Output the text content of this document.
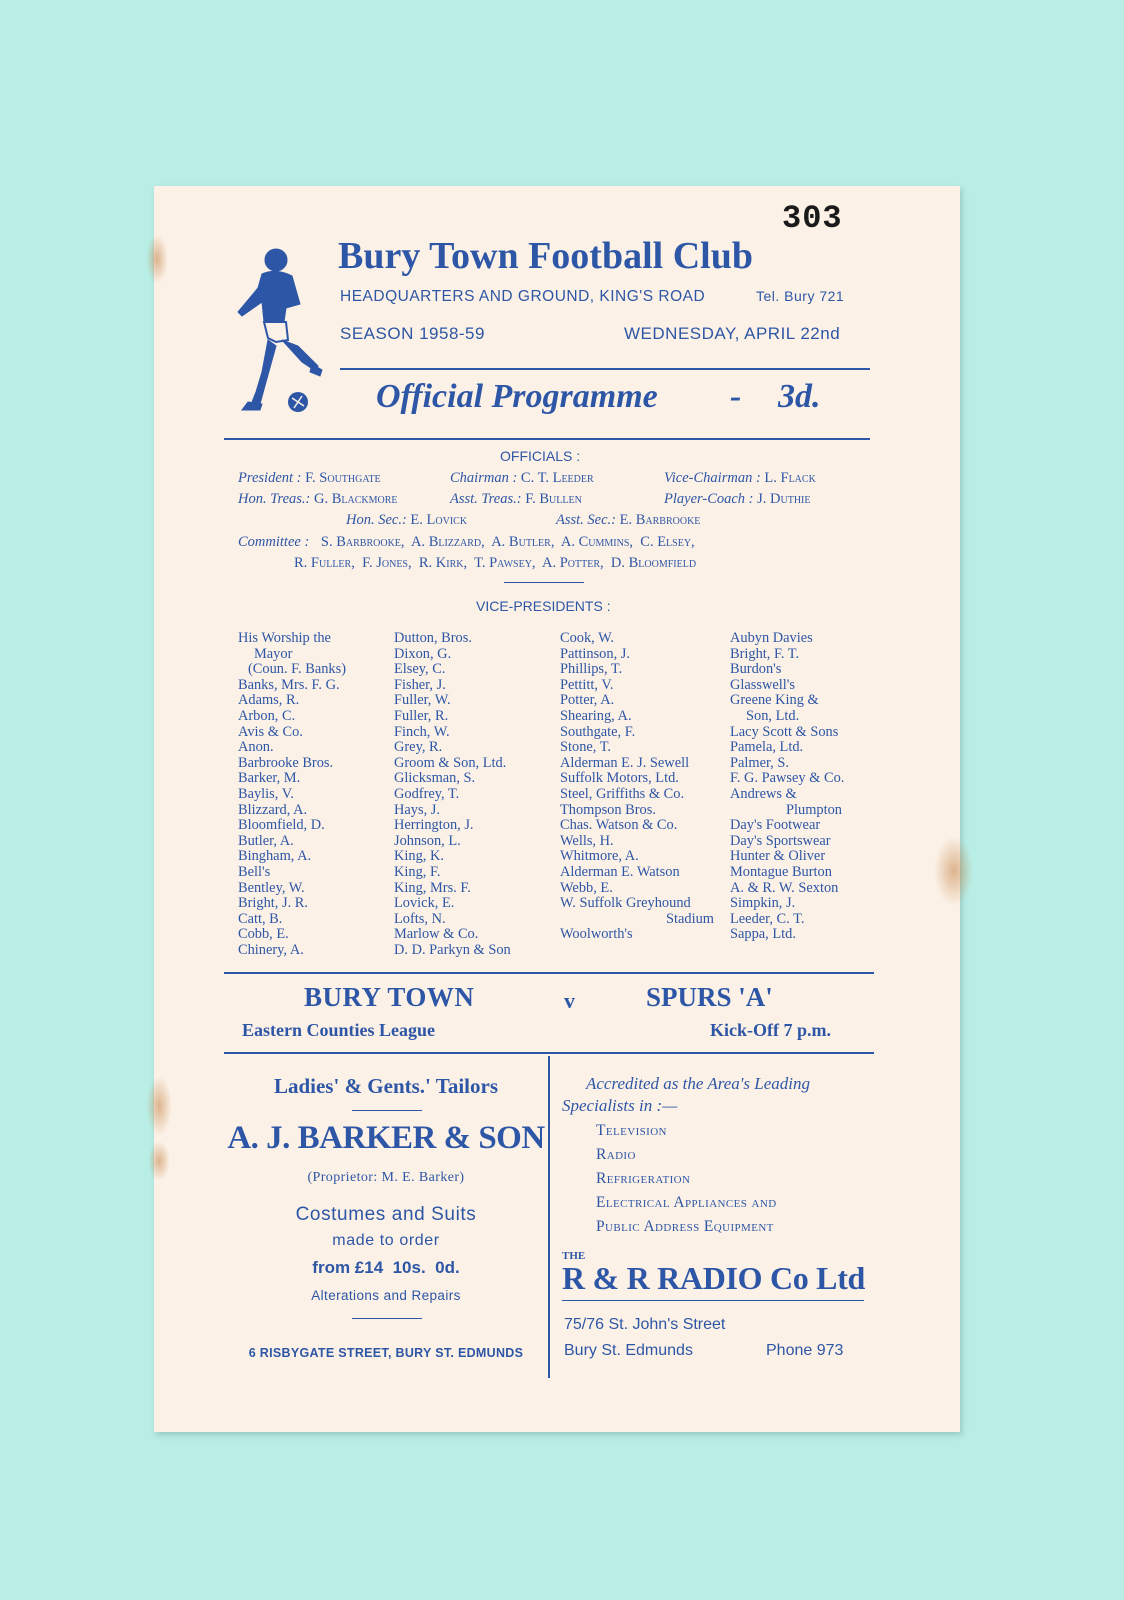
303
Bury Town Football Club
HEADQUARTERS AND GROUND, KING'S ROAD	Tel. Bury 721
SEASON 1958-59	WEDNESDAY, APRIL 22nd
Official Programme - 3d.
OFFICIALS :
President : F. Southgate	Chairman : C. T. Leeder	Vice-Chairman : L. Flack
Hon. Treas.: G. Blackmore	Asst. Treas.: F. Bullen	Player-Coach : J. Duthie
Hon. Sec.: E. Lovick	Asst. Sec.: E. Barbrooke
Committee : S. Barbrooke,  A. Blizzard,  A. Butler,  A. Cummins,  C. Elsey,
R. Fuller,  F. Jones,  R. Kirk,  T. Pawsey,  A. Potter,  D. Bloomfield
VICE-PRESIDENTS :
His Worship the
Mayor
(Coun. F. Banks)
Banks, Mrs. F. G.
Adams, R.
Arbon, C.
Avis & Co.
Anon.
Barbrooke Bros.
Barker, M.
Baylis, V.
Blizzard, A.
Bloomfield, D.
Butler, A.
Bingham, A.
Bell's
Bentley, W.
Bright, J. R.
Catt, B.
Cobb, E.
Chinery, A.
Dutton, Bros.
Dixon, G.
Elsey, C.
Fisher, J.
Fuller, W.
Fuller, R.
Finch, W.
Grey, R.
Groom & Son, Ltd.
Glicksman, S.
Godfrey, T.
Hays, J.
Herrington, J.
Johnson, L.
King, K.
King, F.
King, Mrs. F.
Lovick, E.
Lofts, N.
Marlow & Co.
D. D. Parkyn & Son
Cook, W.
Pattinson, J.
Phillips, T.
Pettitt, V.
Potter, A.
Shearing, A.
Southgate, F.
Stone, T.
Alderman E. J. Sewell
Suffolk Motors, Ltd.
Steel, Griffiths & Co.
Thompson Bros.
Chas. Watson & Co.
Wells, H.
Whitmore, A.
Alderman E. Watson
Webb, E.
W. Suffolk Greyhound
Stadium
Woolworth's
Aubyn Davies
Bright, F. T.
Burdon's
Glasswell's
Greene King &
Son, Ltd.
Lacy Scott & Sons
Pamela, Ltd.
Palmer, S.
F. G. Pawsey & Co.
Andrews &
Plumpton
Day's Footwear
Day's Sportswear
Hunter & Oliver
Montague Burton
A. & R. W. Sexton
Simpkin, J.
Leeder, C. T.
Sappa, Ltd.
BURY TOWN	v	SPURS 'A'
Eastern Counties League	Kick-Off 7 p.m.
Ladies' & Gents.' Tailors
A. J. BARKER & SON
(Proprietor: M. E. Barker)
Costumes and Suits
made to order
from £14  10s.  0d.
Alterations and Repairs
6 RISBYGATE STREET, BURY ST. EDMUNDS
Accredited as the Area's Leading
Specialists in :—
Television
Radio
Refrigeration
Electrical Appliances and
Public Address Equipment
THE
R & R RADIO Co Ltd
75/76 St. John's Street
Bury St. Edmunds	Phone 973
